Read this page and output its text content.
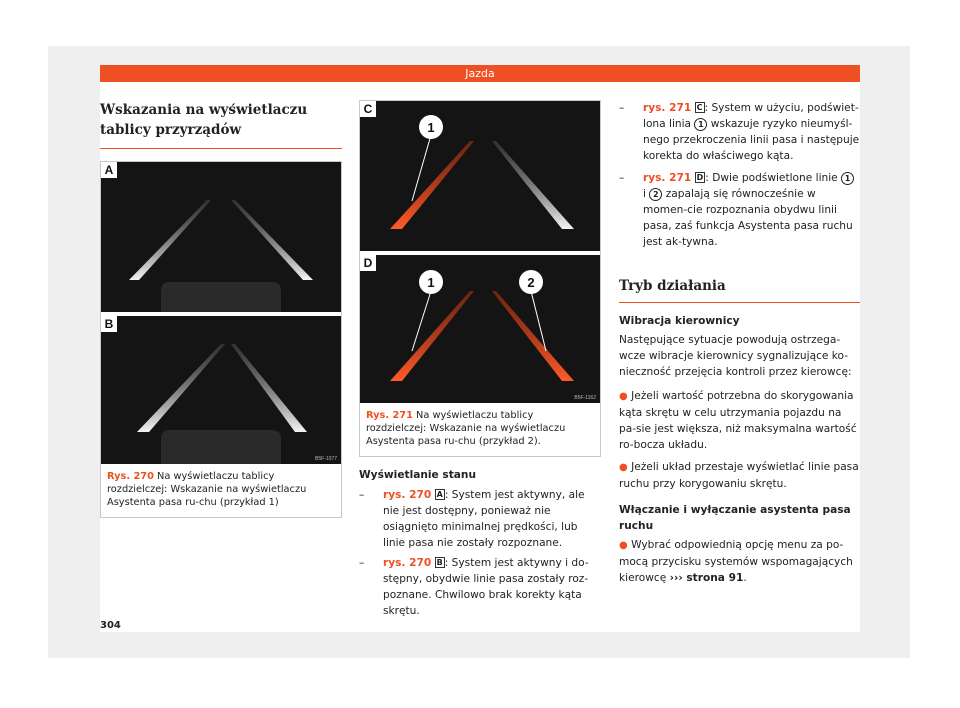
Jazda
Wskazania na wyświetlaczu tablicy przyrządów
A
B
B5F-1077
Rys. 270 Na wyświetlaczu tablicy rozdzielczej: Wskazanie na wyświetlaczu Asystenta pasa ru-chu (przykład 1)
1
1	2
C
D
B5F-1162
Rys. 271 Na wyświetlaczu tablicy rozdzielczej: Wskazanie na wyświetlaczu Asystenta pasa ru-chu (przykład 2).
Wyświetlanie stanu
–	rys. 270 A : System jest aktywny, ale nie jest dostępny, ponieważ nie osiągnięto minimalnej prędkości, lub linie pasa nie zostały rozpoznane.
–	rys. 270 B : System jest aktywny i do-stępny, obydwie linie pasa zostały roz-poznane. Chwilowo brak korekty kąta skrętu.
–	rys. 271 C : System w użyciu, podświet-lona linia 1 wskazuje ryzyko nieumyśl-nego przekroczenia linii pasa i następuje korekta do właściwego kąta.
–	rys. 271 D : Dwie podświetlone linie 1 i 2 zapalają się równocześnie w momen-cie rozpoznania obydwu linii pasa, zaś funkcja Asystenta pasa ruchu jest ak-tywna.
Tryb działania
Wibracja kierownicy
Następujące sytuacje powodują ostrzega-wcze wibracje kierownicy sygnalizujące ko-nieczność przejęcia kontroli przez kierowcę:
● Jeżeli wartość potrzebna do skorygowania kąta skrętu w celu utrzymania pojazdu na pa-sie jest większa, niż maksymalna wartość ro-bocza układu.
● Jeżeli układ przestaje wyświetlać linie pasa ruchu przy korygowaniu skrętu.
Włączanie i wyłączanie asystenta pasa ruchu
● Wybrać odpowiednią opcję menu za po-mocą przycisku systemów wspomagających kierowcę ››› strona 91.
304
